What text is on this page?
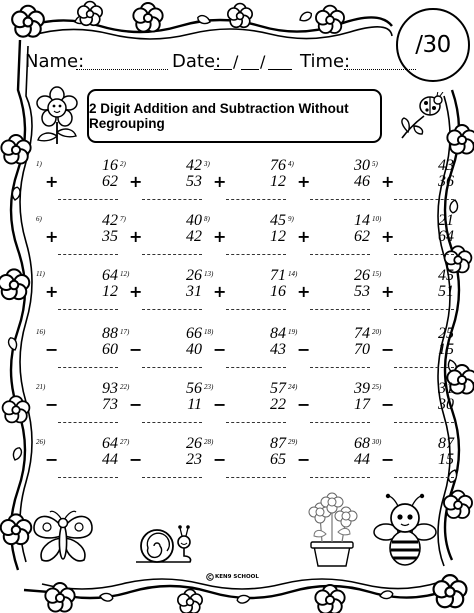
/30
Name:	Date: / / Time:
2 Digit Addition and Subtraction Without Regrouping
1)	16
+	62
2)	42
+	53
3)	76
+	12
4)	30
+	46
5)	43
+	36
6)	42
+	35
7)	40
+	42
8)	45
+	12
9)	14
+	62
10)	21
+	64
11)	64
+	12
12)	26
+	31
13)	71
+	16
14)	26
+	53
15)	45
+	51
16)	88
−	60
17)	66
−	40
18)	84
−	43
19)	74
−	70
20)	25
−	15
21)	93
−	73
22)	56
−	11
23)	57
−	22
24)	39
−	17
25)	31
−	30
26)	64
−	44
27)	26
−	23
28)	87
−	65
29)	68
−	44
30)	87
−	15
KEN9 SCHOOL
